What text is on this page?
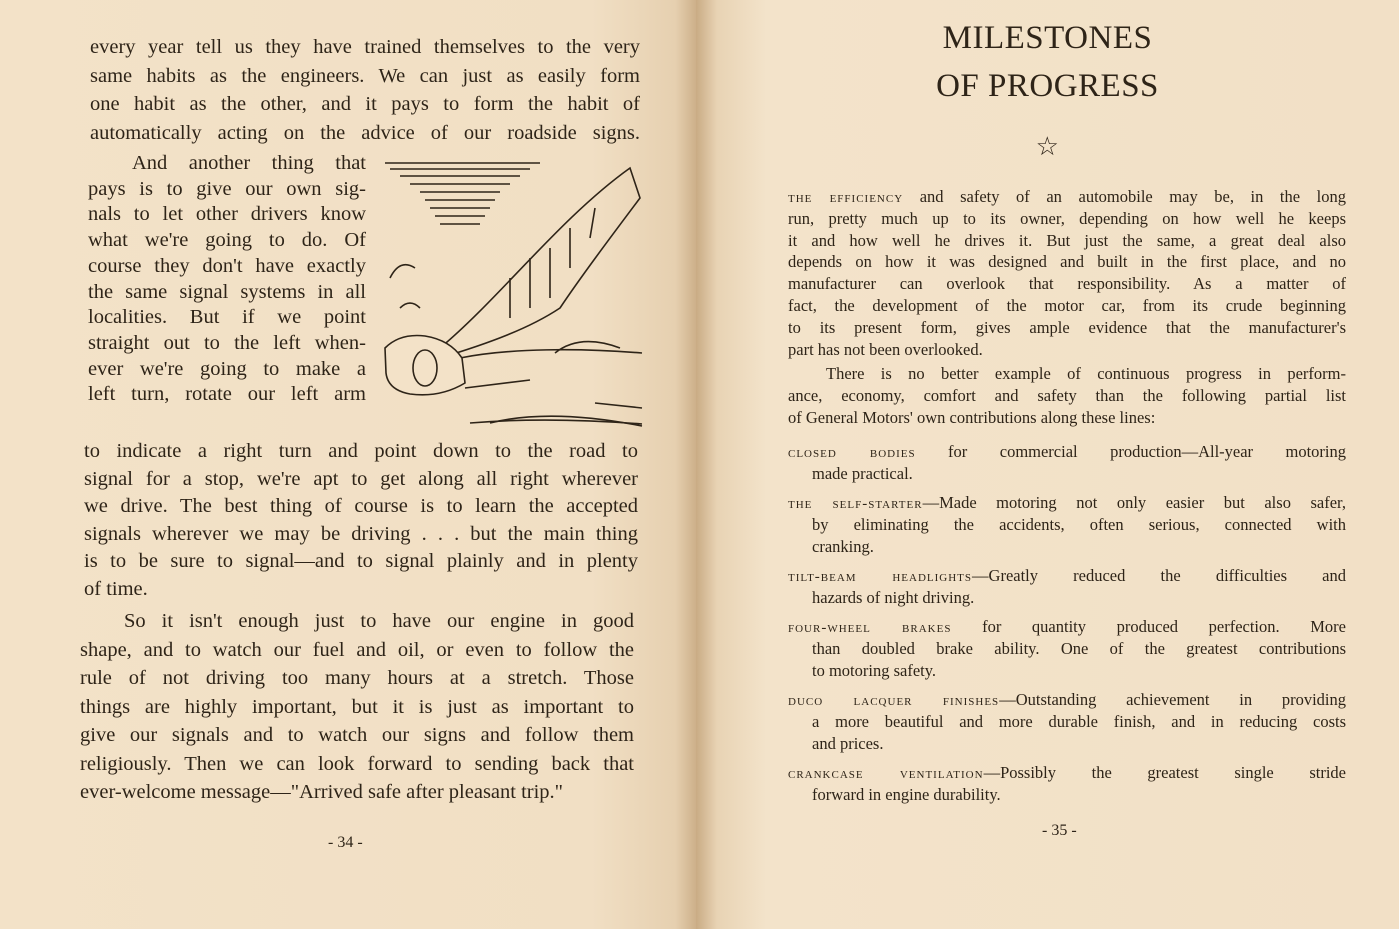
every year tell us they have trained themselves to the very
same habits as the engineers. We can just as easily form
one habit as the other, and it pays to form the habit of
automatically acting on the advice of our roadside signs.
And another thing that
pays is to give our own sig-
nals to let other drivers know
what we're going to do. Of
course they don't have exactly
the same signal systems in all
localities. But if we point
straight out to the left when-
ever we're going to make a
left turn, rotate our left arm
to indicate a right turn and point down to the road to
signal for a stop, we're apt to get along all right wherever
we drive. The best thing of course is to learn the accepted
signals wherever we may be driving . . . but the main thing
is to be sure to signal—and to signal plainly and in plenty
of time.
So it isn't enough just to have our engine in good
shape, and to watch our fuel and oil, or even to follow the
rule of not driving too many hours at a stretch. Those
things are highly important, but it is just as important to
give our signals and to watch our signs and follow them
religiously. Then we can look forward to sending back that
ever-welcome message—"Arrived safe after pleasant trip."
- 34 -
MILESTONES
OF PROGRESS
☆
the efficiency and safety of an automobile may be, in the long
run, pretty much up to its owner, depending on how well he keeps
it and how well he drives it. But just the same, a great deal also
depends on how it was designed and built in the first place, and no
manufacturer can overlook that responsibility. As a matter of
fact, the development of the motor car, from its crude beginning
to its present form, gives ample evidence that the manufacturer's
part has not been overlooked.
There is no better example of continuous progress in perform-
ance, economy, comfort and safety than the following partial list
of General Motors' own contributions along these lines:
closed bodies for commercial production—All-year motoring
made practical.
the self-starter—Made motoring not only easier but also safer,
by eliminating the accidents, often serious, connected with
cranking.
tilt-beam headlights—Greatly reduced the difficulties and
hazards of night driving.
four-wheel brakes for quantity produced perfection. More
than doubled brake ability. One of the greatest contributions
to motoring safety.
duco lacquer finishes—Outstanding achievement in providing
a more beautiful and more durable finish, and in reducing costs
and prices.
crankcase ventilation—Possibly the greatest single stride
forward in engine durability.
- 35 -
